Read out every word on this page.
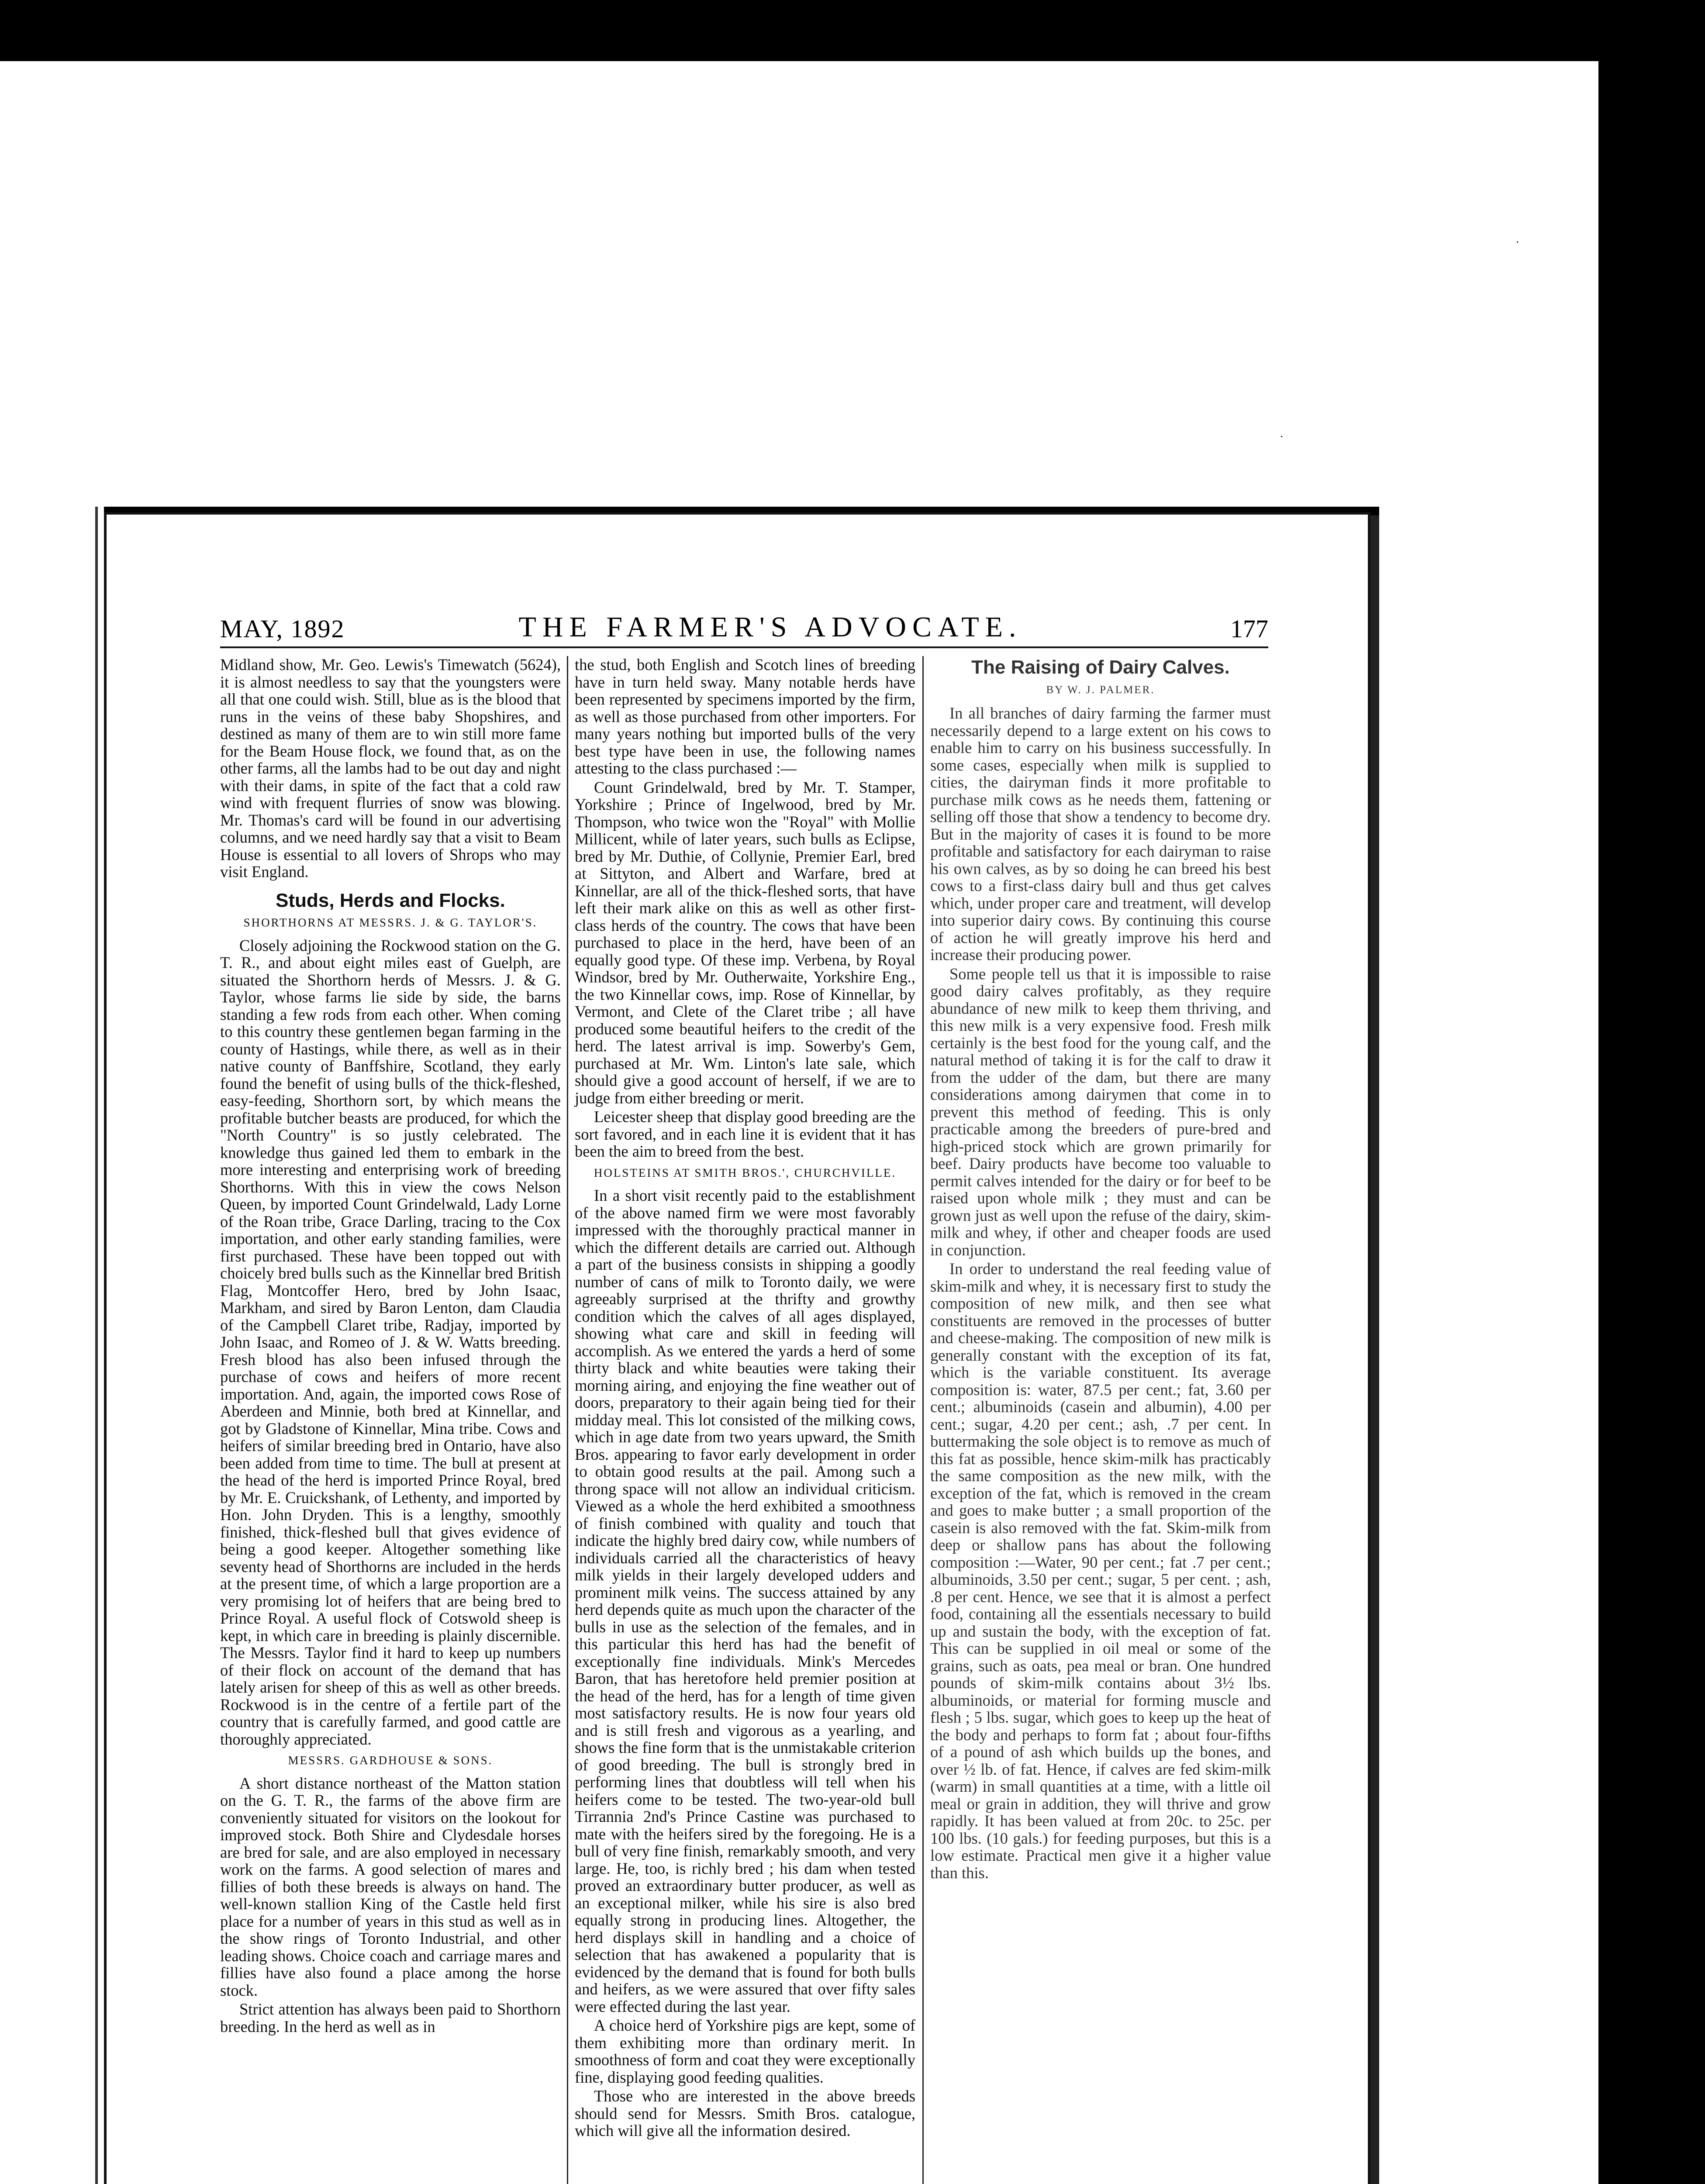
·
·
MAY, 1892	THE FARMER'S ADVOCATE.	177

Midland show, Mr. Geo. Lewis's Timewatch (5624), it is almost needless to say that the youngsters were all that one could wish. Still, blue as is the blood that runs in the veins of these baby Shopshires, and destined as many of them are to win still more fame for the Beam House flock, we found that, as on the other farms, all the lambs had to be out day and night with their dams, in spite of the fact that a cold raw wind with frequent flurries of snow was blowing. Mr. Thomas's card will be found in our advertising columns, and we need hardly say that a visit to Beam House is essential to all lovers of Shrops who may visit England.

Studs, Herds and Flocks.
SHORTHORNS AT MESSRS. J. & G. TAYLOR'S.

Closely adjoining the Rockwood station on the G. T. R., and about eight miles east of Guelph, are situated the Shorthorn herds of Messrs. J. & G. Taylor, whose farms lie side by side, the barns standing a few rods from each other. When coming to this country these gentlemen began farming in the county of Hastings, while there, as well as in their native county of Banffshire, Scotland, they early found the benefit of using bulls of the thick-fleshed, easy-feeding, Shorthorn sort, by which means the profitable butcher beasts are produced, for which the "North Country" is so justly celebrated. The knowledge thus gained led them to embark in the more interesting and enterprising work of breeding Shorthorns. With this in view the cows Nelson Queen, by imported Count Grindelwald, Lady Lorne of the Roan tribe, Grace Darling, tracing to the Cox importation, and other early standing families, were first purchased. These have been topped out with choicely bred bulls such as the Kinnellar bred British Flag, Montcoffer Hero, bred by John Isaac, Markham, and sired by Baron Lenton, dam Claudia of the Campbell Claret tribe, Radjay, imported by John Isaac, and Romeo of J. & W. Watts breeding. Fresh blood has also been infused through the purchase of cows and heifers of more recent importation. And, again, the imported cows Rose of Aberdeen and Minnie, both bred at Kinnellar, and got by Gladstone of Kinnellar, Mina tribe. Cows and heifers of similar breeding bred in Ontario, have also been added from time to time. The bull at present at the head of the herd is imported Prince Royal, bred by Mr. E. Cruickshank, of Lethenty, and imported by Hon. John Dryden. This is a lengthy, smoothly finished, thick-fleshed bull that gives evidence of being a good keeper. Altogether something like seventy head of Shorthorns are included in the herds at the present time, of which a large proportion are a very promising lot of heifers that are being bred to Prince Royal. A useful flock of Cotswold sheep is kept, in which care in breeding is plainly discernible. The Messrs. Taylor find it hard to keep up numbers of their flock on account of the demand that has lately arisen for sheep of this as well as other breeds. Rockwood is in the centre of a fertile part of the country that is carefully farmed, and good cattle are thoroughly appreciated.

MESSRS. GARDHOUSE & SONS.

A short distance northeast of the Matton station on the G. T. R., the farms of the above firm are conveniently situated for visitors on the lookout for improved stock. Both Shire and Clydesdale horses are bred for sale, and are also employed in necessary work on the farms. A good selection of mares and fillies of both these breeds is always on hand. The well-known stallion King of the Castle held first place for a number of years in this stud as well as in the show rings of Toronto Industrial, and other leading shows. Choice coach and carriage mares and fillies have also found a place among the horse stock.

Strict attention has always been paid to Shorthorn breeding. In the herd as well as in

the stud, both English and Scotch lines of breeding have in turn held sway. Many notable herds have been represented by specimens imported by the firm, as well as those purchased from other importers. For many years nothing but imported bulls of the very best type have been in use, the following names attesting to the class purchased :—

Count Grindelwald, bred by Mr. T. Stamper, Yorkshire ; Prince of Ingelwood, bred by Mr. Thompson, who twice won the "Royal" with Mollie Millicent, while of later years, such bulls as Eclipse, bred by Mr. Duthie, of Collynie, Premier Earl, bred at Sittyton, and Albert and Warfare, bred at Kinnellar, are all of the thick-fleshed sorts, that have left their mark alike on this as well as other first-class herds of the country. The cows that have been purchased to place in the herd, have been of an equally good type. Of these imp. Verbena, by Royal Windsor, bred by Mr. Outherwaite, Yorkshire Eng., the two Kinnellar cows, imp. Rose of Kinnellar, by Vermont, and Clete of the Claret tribe ; all have produced some beautiful heifers to the credit of the herd. The latest arrival is imp. Sowerby's Gem, purchased at Mr. Wm. Linton's late sale, which should give a good account of herself, if we are to judge from either breeding or merit.

Leicester sheep that display good breeding are the sort favored, and in each line it is evident that it has been the aim to breed from the best.

HOLSTEINS AT SMITH BROS.', CHURCHVILLE.

In a short visit recently paid to the establishment of the above named firm we were most favorably impressed with the thoroughly practical manner in which the different details are carried out. Although a part of the business consists in shipping a goodly number of cans of milk to Toronto daily, we were agreeably surprised at the thrifty and growthy condition which the calves of all ages displayed, showing what care and skill in feeding will accomplish. As we entered the yards a herd of some thirty black and white beauties were taking their morning airing, and enjoying the fine weather out of doors, preparatory to their again being tied for their midday meal. This lot consisted of the milking cows, which in age date from two years upward, the Smith Bros. appearing to favor early development in order to obtain good results at the pail. Among such a throng space will not allow an individual criticism. Viewed as a whole the herd exhibited a smoothness of finish combined with quality and touch that indicate the highly bred dairy cow, while numbers of individuals carried all the characteristics of heavy milk yields in their largely developed udders and prominent milk veins. The success attained by any herd depends quite as much upon the character of the bulls in use as the selection of the females, and in this particular this herd has had the benefit of exceptionally fine individuals. Mink's Mercedes Baron, that has heretofore held premier position at the head of the herd, has for a length of time given most satisfactory results. He is now four years old and is still fresh and vigorous as a yearling, and shows the fine form that is the unmistakable criterion of good breeding. The bull is strongly bred in performing lines that doubtless will tell when his heifers come to be tested. The two-year-old bull Tirrannia 2nd's Prince Castine was purchased to mate with the heifers sired by the foregoing. He is a bull of very fine finish, remarkably smooth, and very large. He, too, is richly bred ; his dam when tested proved an extraordinary butter producer, as well as an exceptional milker, while his sire is also bred equally strong in producing lines. Altogether, the herd displays skill in handling and a choice of selection that has awakened a popularity that is evidenced by the demand that is found for both bulls and heifers, as we were assured that over fifty sales were effected during the last year.

A choice herd of Yorkshire pigs are kept, some of them exhibiting more than ordinary merit. In smoothness of form and coat they were exceptionally fine, displaying good feeding qualities.

Those who are interested in the above breeds should send for Messrs. Smith Bros. catalogue, which will give all the information desired.

The Raising of Dairy Calves.
BY W. J. PALMER.

In all branches of dairy farming the farmer must necessarily depend to a large extent on his cows to enable him to carry on his business successfully. In some cases, especially when milk is supplied to cities, the dairyman finds it more profitable to purchase milk cows as he needs them, fattening or selling off those that show a tendency to become dry. But in the majority of cases it is found to be more profitable and satisfactory for each dairyman to raise his own calves, as by so doing he can breed his best cows to a first-class dairy bull and thus get calves which, under proper care and treatment, will develop into superior dairy cows. By continuing this course of action he will greatly improve his herd and increase their producing power.

Some people tell us that it is impossible to raise good dairy calves profitably, as they require abundance of new milk to keep them thriving, and this new milk is a very expensive food. Fresh milk certainly is the best food for the young calf, and the natural method of taking it is for the calf to draw it from the udder of the dam, but there are many considerations among dairymen that come in to prevent this method of feeding. This is only practicable among the breeders of pure-bred and high-priced stock which are grown primarily for beef. Dairy products have become too valuable to permit calves intended for the dairy or for beef to be raised upon whole milk ; they must and can be grown just as well upon the refuse of the dairy, skim-milk and whey, if other and cheaper foods are used in conjunction.

In order to understand the real feeding value of skim-milk and whey, it is necessary first to study the composition of new milk, and then see what constituents are removed in the processes of butter and cheese-making. The composition of new milk is generally constant with the exception of its fat, which is the variable constituent. Its average composition is: water, 87.5 per cent.; fat, 3.60 per cent.; albuminoids (casein and albumin), 4.00 per cent.; sugar, 4.20 per cent.; ash, .7 per cent. In buttermaking the sole object is to remove as much of this fat as possible, hence skim-milk has practicably the same composition as the new milk, with the exception of the fat, which is removed in the cream and goes to make butter ; a small proportion of the casein is also removed with the fat. Skim-milk from deep or shallow pans has about the following composition :—Water, 90 per cent.; fat .7 per cent.; albuminoids, 3.50 per cent.; sugar, 5 per cent. ; ash, .8 per cent. Hence, we see that it is almost a perfect food, containing all the essentials necessary to build up and sustain the body, with the exception of fat. This can be supplied in oil meal or some of the grains, such as oats, pea meal or bran. One hundred pounds of skim-milk contains about 3½ lbs. albuminoids, or material for forming muscle and flesh ; 5 lbs. sugar, which goes to keep up the heat of the body and perhaps to form fat ; about four-fifths of a pound of ash which builds up the bones, and over ½ lb. of fat. Hence, if calves are fed skim-milk (warm) in small quantities at a time, with a little oil meal or grain in addition, they will thrive and grow rapidly. It has been valued at from 20c. to 25c. per 100 lbs. (10 gals.) for feeding purposes, but this is a low estimate. Practical men give it a higher value than this.
